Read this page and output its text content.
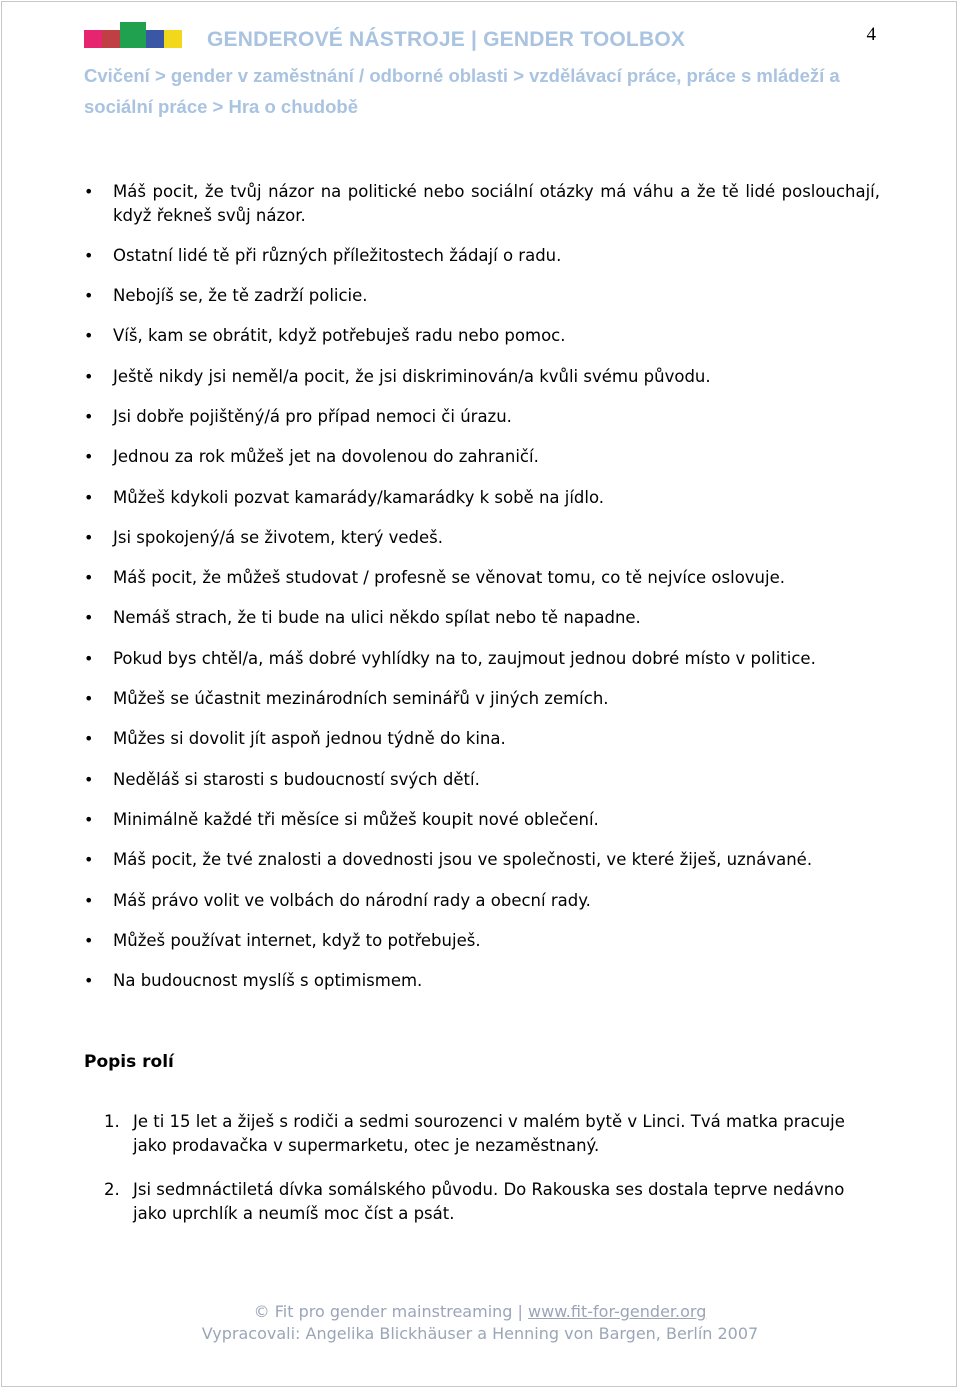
GENDEROVÉ NÁSTROJE | GENDER TOOLBOX	4
Cvičení > gender v zaměstnání / odborné oblasti > vzdělávací práce, práce s mládeží a sociální práce > Hra o chudobě
• Máš pocit, že tvůj názor na politické nebo sociální otázky má váhu a že tě lidé poslouchají, když řekneš svůj názor.
• Ostatní lidé tě při různých příležitostech žádají o radu.
• Nebojíš se, že tě zadrží policie.
• Víš, kam se obrátit, když potřebuješ radu nebo pomoc.
• Ještě nikdy jsi neměl/a pocit, že jsi diskriminován/a kvůli svému původu.
• Jsi dobře pojištěný/á pro případ nemoci či úrazu.
• Jednou za rok můžeš jet na dovolenou do zahraničí.
• Můžeš kdykoli pozvat kamarády/kamarádky k sobě na jídlo.
• Jsi spokojený/á se životem, který vedeš.
• Máš pocit, že můžeš studovat / profesně se věnovat tomu, co tě nejvíce oslovuje.
• Nemáš strach, že ti bude na ulici někdo spílat nebo tě napadne.
• Pokud bys chtěl/a, máš dobré vyhlídky na to, zaujmout jednou dobré místo v politice.
• Můžeš se účastnit mezinárodních seminářů v jiných zemích.
• Můžes si dovolit jít aspoň jednou týdně do kina.
• Neděláš si starosti s budoucností svých dětí.
• Minimálně každé tři měsíce si můžeš koupit nové oblečení.
• Máš pocit, že tvé znalosti a dovednosti jsou ve společnosti, ve které žiješ, uznávané.
• Máš právo volit ve volbách do národní rady a obecní rady.
• Můžeš používat internet, když to potřebuješ.
• Na budoucnost myslíš s optimismem.
Popis rolí
1. Je ti 15 let a žiješ s rodiči a sedmi sourozenci v malém bytě v Linci. Tvá matka pracuje jako prodavačka v supermarketu, otec je nezaměstnaný.
2. Jsi sedmnáctiletá dívka somálského původu. Do Rakouska ses dostala teprve nedávno jako uprchlík a neumíš moc číst a psát.
© Fit pro gender mainstreaming | www.fit-for-gender.org
Vypracovali: Angelika Blickhäuser a Henning von Bargen, Berlín 2007
